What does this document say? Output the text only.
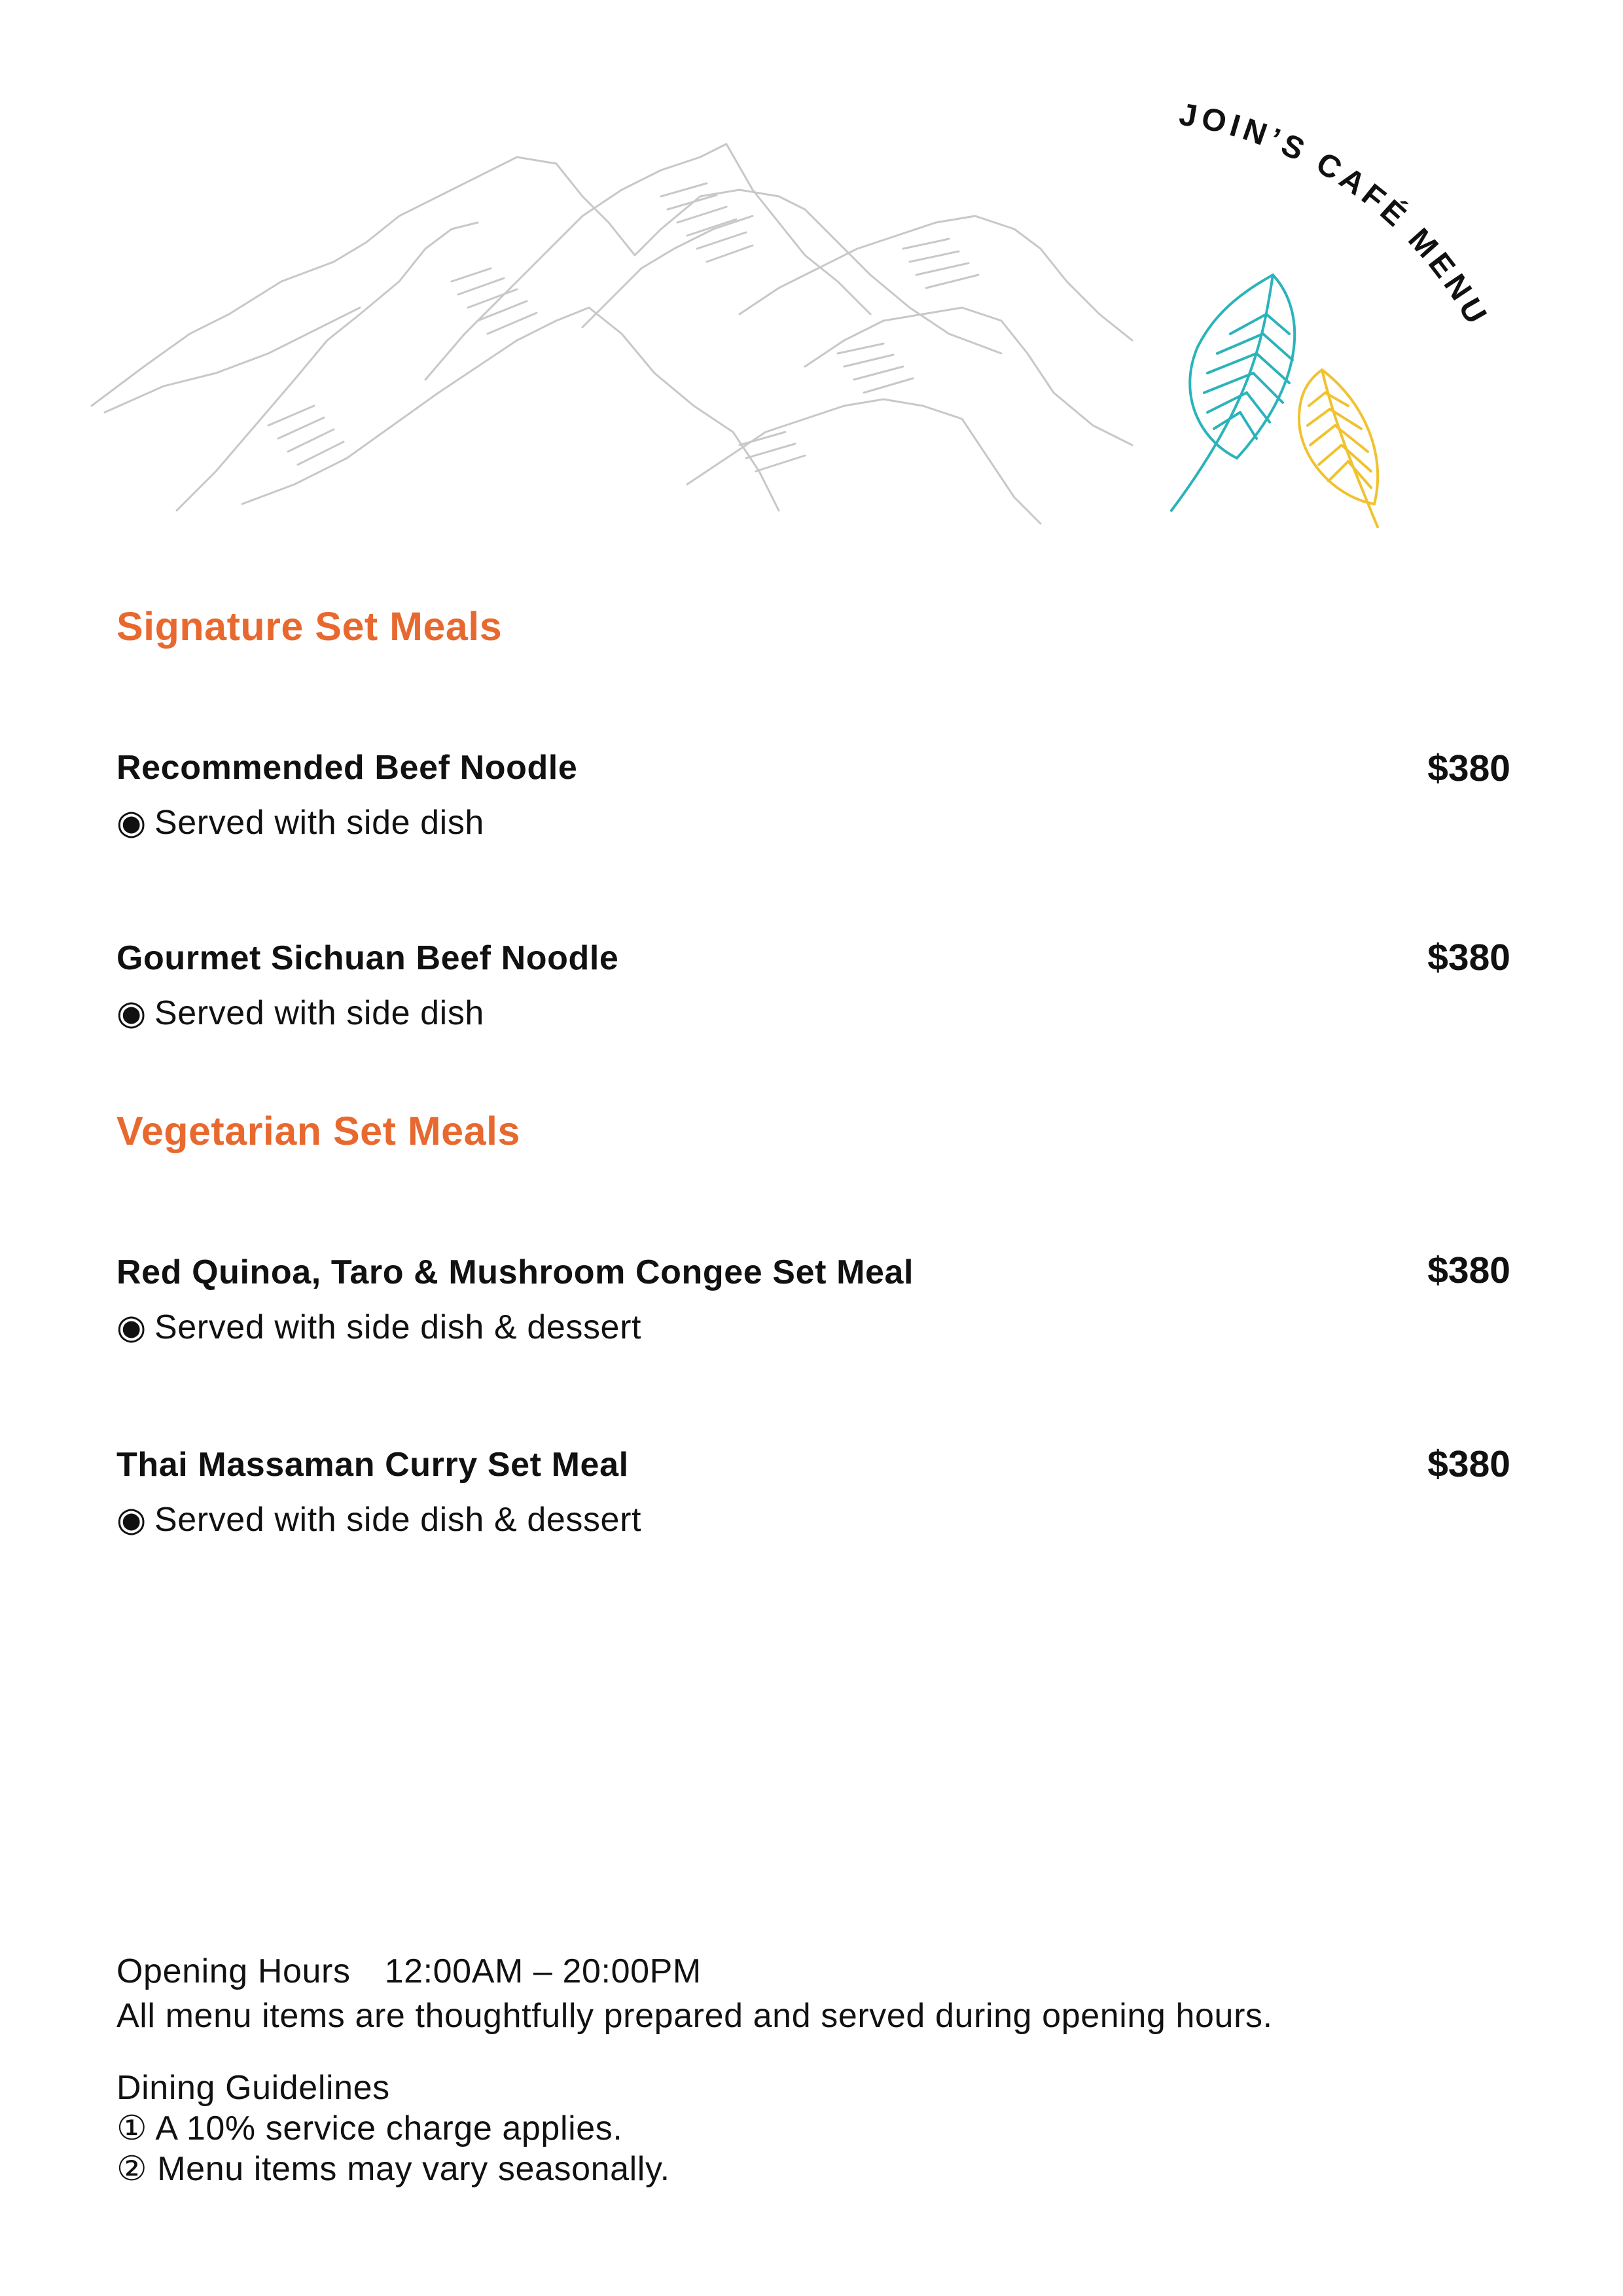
JOIN’S CAFÉ MENU
Signature Set Meals
Recommended Beef Noodle	$380
◉ Served with side dish
Gourmet Sichuan Beef Noodle	$380
◉ Served with side dish
Vegetarian Set Meals
Red Quinoa, Taro & Mushroom Congee Set Meal	$380
◉ Served with side dish & dessert
Thai Massaman Curry Set Meal	$380
◉ Served with side dish & dessert
Opening Hours 12:00AM – 20:00PM
All menu items are thoughtfully prepared and served during opening hours.
Dining Guidelines
① A 10% service charge applies.
② Menu items may vary seasonally.
